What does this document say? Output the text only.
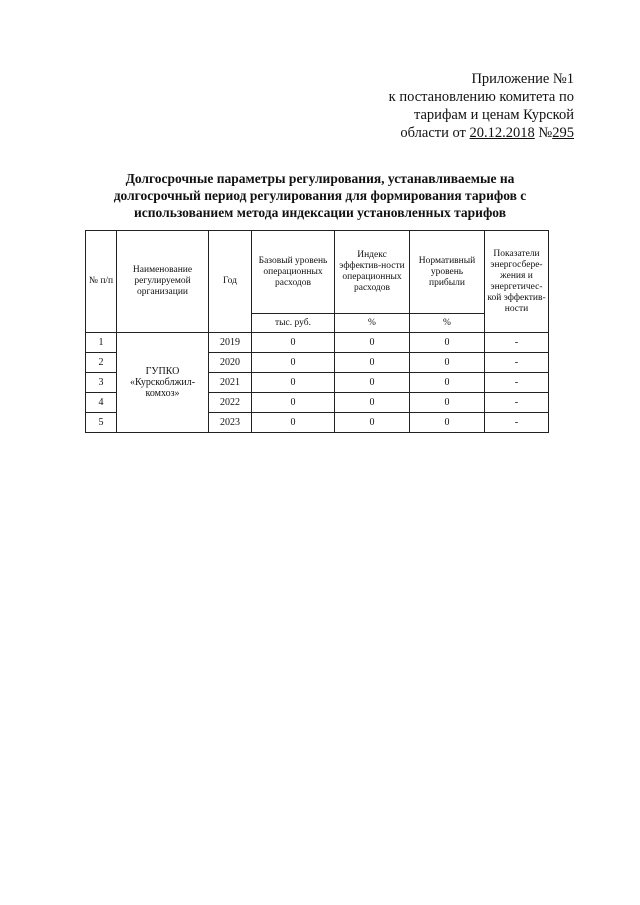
Приложение №1
к постановлению комитета по
тарифам и ценам Курской
области от 20.12.2018 №295
Долгосрочные параметры регулирования, устанавливаемые на
долгосрочный период регулирования для формирования тарифов с
использованием метода индексации установленных тарифов
№ п/п	Наименование регулируемой организации	Год	Базовый уровень операционных расходов	Индекс эффектив-ности операционных расходов	Нормативный уровень прибыли	Показатели энергосбере-жения и энергетичес-кой эффектив-ности
			тыс. руб.	%	%	
1	ГУПКО «Курскоблжил-комхоз»	2019	0	0	0	-
2		2020	0	0	0	-
3		2021	0	0	0	-
4		2022	0	0	0	-
5		2023	0	0	0	-
